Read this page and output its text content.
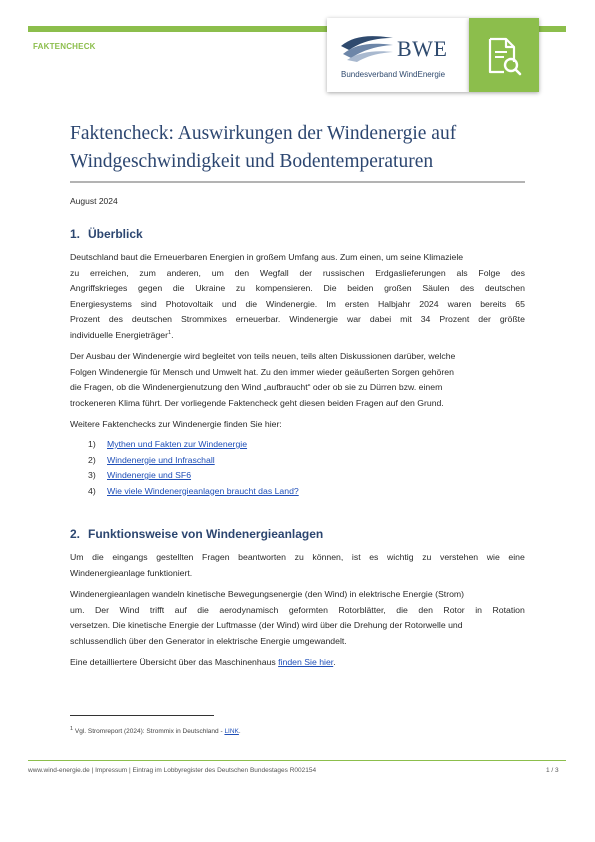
FAKTENCHECK	BWE
Bundesverband WindEnergie
Faktencheck: Auswirkungen der Windenergie auf
Windgeschwindigkeit und Bodentemperaturen
August 2024
1. Überblick
Deutschland baut die Erneuerbaren Energien in großem Umfang aus. Zum einen, um seine Klimaziele
zu erreichen, zum anderen, um den Wegfall der russischen Erdgaslieferungen als Folge des
Angriffskrieges gegen die Ukraine zu kompensieren. Die beiden großen Säulen des deutschen
Energiesystems sind Photovoltaik und die Windenergie. Im ersten Halbjahr 2024 waren bereits 65
Prozent des deutschen Strommixes erneuerbar. Windenergie war dabei mit 34 Prozent der größte
individuelle Energieträger$^1$.
Der Ausbau der Windenergie wird begleitet von teils neuen, teils alten Diskussionen darüber, welche
Folgen Windenergie für Mensch und Umwelt hat. Zu den immer wieder geäußerten Sorgen gehören
die Fragen, ob die Windenergienutzung den Wind „aufbraucht“ oder ob sie zu Dürren bzw. einem
trockeneren Klima führt. Der vorliegende Faktencheck geht diesen beiden Fragen auf den Grund.
Weitere Faktenchecks zur Windenergie finden Sie hier:
1) Mythen und Fakten zur Windenergie
2) Windenergie und Infraschall
3) Windenergie und SF6
4) Wie viele Windenergieanlagen braucht das Land?
2. Funktionsweise von Windenergieanlagen
Um die eingangs gestellten Fragen beantworten zu können, ist es wichtig zu verstehen wie eine
Windenergieanlage funktioniert.
Windenergieanlagen wandeln kinetische Bewegungsenergie (den Wind) in elektrische Energie (Strom)
um. Der Wind trifft auf die aerodynamisch geformten Rotorblätter, die den Rotor in Rotation
versetzen. Die kinetische Energie der Luftmasse (der Wind) wird über die Drehung der Rotorwelle und
schlussendlich über den Generator in elektrische Energie umgewandelt.
Eine detailliertere Übersicht über das Maschinenhaus finden Sie hier.
$^1$ Vgl. Stromreport (2024): Strommix in Deutschland - LINK.
www.wind-energie.de | Impressum | Eintrag im Lobbyregister des Deutschen Bundestages R002154	1 / 3
